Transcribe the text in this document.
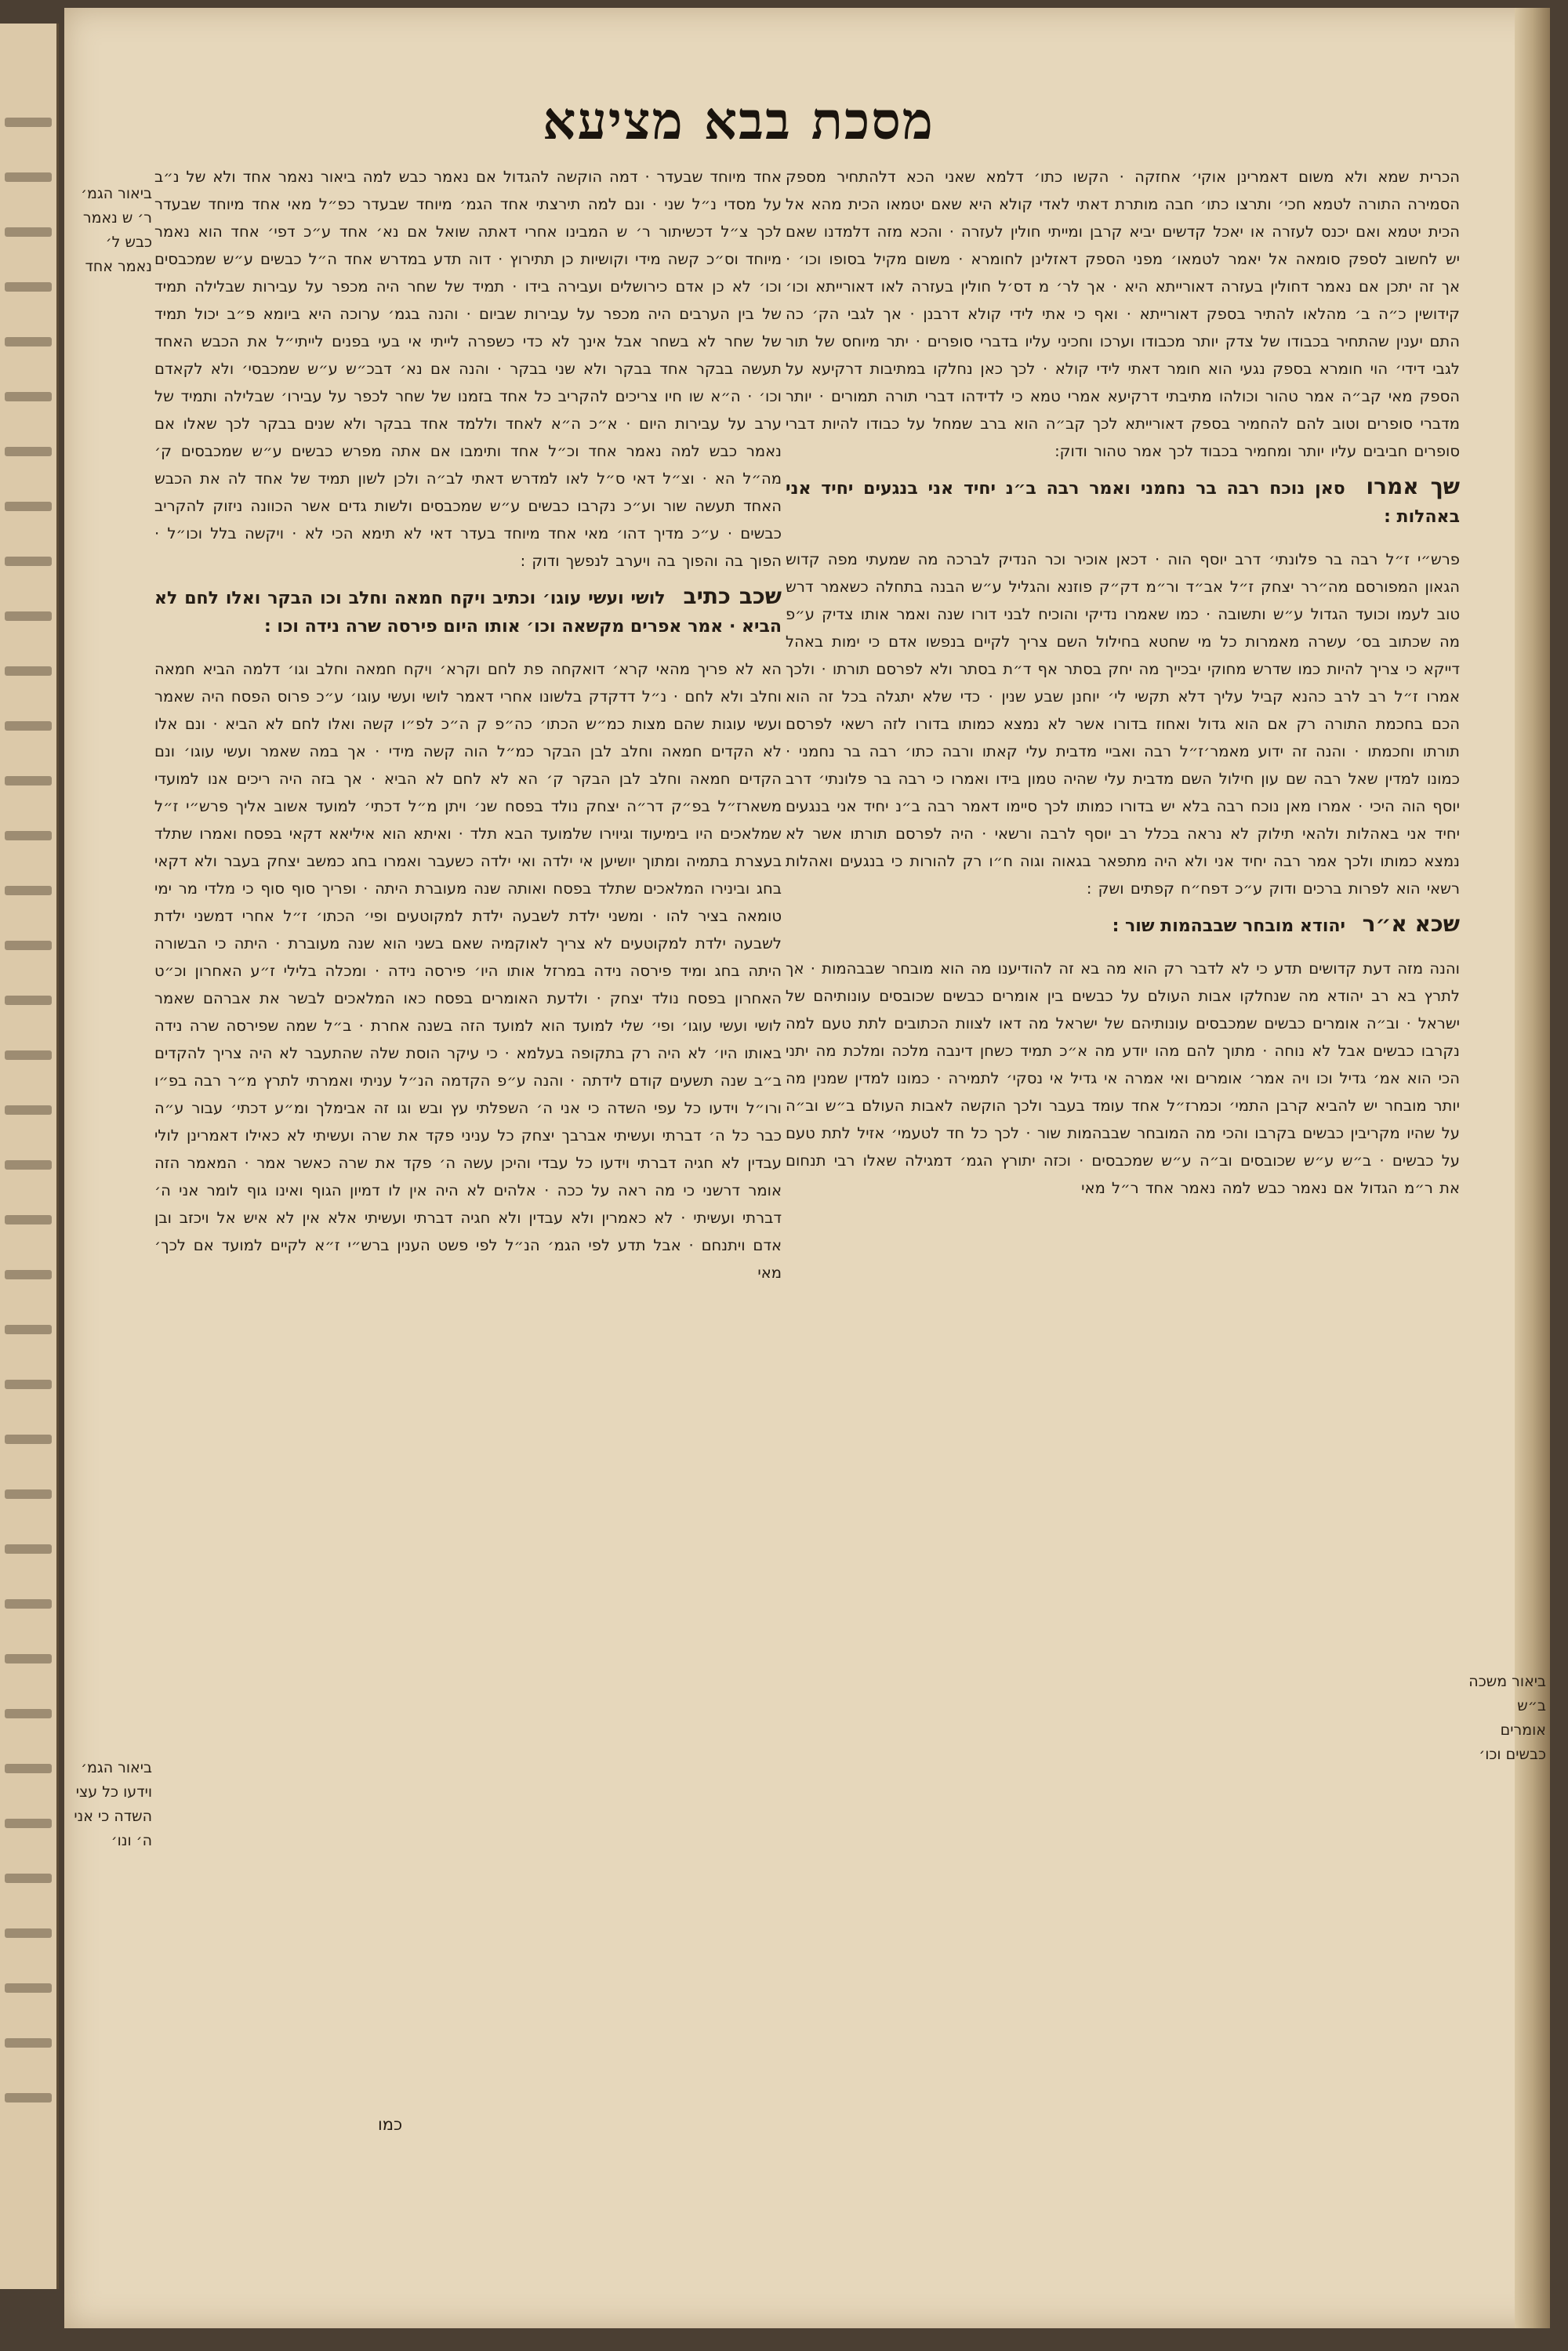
מסכת בבא מציעא

הכרית שמא ולא משום דאמרינן אוקי׳ אחזקה · הקשו כתו׳ דלמא שאני הכא דלהתחיר מספק הסמירה התורה לטמא חכי׳ ותרצו כתו׳ חבה מותרת דאתי לאדי קולא היא שאם יטמאו הכית מהא אל הכית יטמא ואם יכנס לעזרה או יאכל קדשים יביא קרבן ומייתי חולין לעזרה · והכא מזה דלמדנו שאם יש לחשוב לספק סומאה אל יאמר לטמאו׳ מפני הספק דאזלינן לחומרא · משום מקיל בסופו וכו׳ · אך זה יתכן אם נאמר דחולין בעזרה דאורייתא היא · אך לר׳ מ דס׳ל חולין בעזרה לאו דאורייתא וכו׳ קידושין כ״ה ב׳ מהלאו להתיר בספק דאורייתא · ואף כי אתי לידי קולא דרבנן · אך לגבי הק׳ כה התם יענין שהתחיר בכבודו של צדק יותר מכבודו וערכו וחכיני עליו בדברי סופרים · יתר מיוחס של תור לגבי דידי׳ הוי חומרא בספק נגעי הוא חומר דאתי לידי קולא · לכך כאן נחלקו במתיבות דרקיעא על הספק מאי קב״ה אמר טהור וכולהו מתיבתי דרקיעא אמרי טמא כי לדידהו דברי תורה תמורים · יותר מדברי סופרים וטוב להם להחמיר בספק דאורייתא לכך קב״ה הוא ברב שמחל על כבודו להיות דברי סופרים חביבים עליו יותר ומחמיר בכבוד לכך אמר טהור ודוק:

שך אמרו סאן נוכח רבה בר נחמני ואמר רבה ב״נ יחיד אני בנגעים יחיד אני באהלות :

פרש״י ז״ל רבה בר פלונתי׳ דרב יוסף הוה · דכאן אוכיר וכר הנדיק לברכה מה שמעתי מפה קדוש הגאון המפורסם מה״רר יצחק ז״ל אב״ד ור״מ דק״ק פוזנא והגליל ע״ש הבנה בתחלה כשאמר דרש טוב לעמו וכועד הגדול ע״ש ותשובה · כמו שאמרו נדיקי והוכיח לבני דורו שנה ואמר אותו צדיק ע״פ מה שכתוב בס׳ עשרה מאמרות כל מי שחטא בחילול השם צריך לקיים בנפשו אדם כי ימות באהל דייקא כי צריך להיות כמו שדרש מחוקי יבכייך מה יחק בסתר אף ד״ת בסתר ולא לפרסם תורתו · ולכך אמרו ז״ל רב לרב כהנא קביל עליך דלא תקשי לי׳ יוחנן שבע שנין · כדי שלא יתגלה בכל זה הוא הכם בחכמת התורה רק אם הוא גדול ואחוז בדורו אשר לא נמצא כמותו בדורו לזה רשאי לפרסם תורתו וחכמתו · והנה זה ידוע מאמר׳ז״ל רבה ואביי מדבית עלי קאתו ורבה כתו׳ רבה בר נחמני · כמונו למדין שאל רבה שם עון חילול השם מדבית עלי שהיה טמון בידו ואמרו כי רבה בר פלונתי׳ דרב יוסף הוה היכי · אמרו מאן נוכח רבה בלא יש בדורו כמותו לכך סיימו דאמר רבה ב״נ יחיד אני בנגעים יחיד אני באהלות ולהאי תילוק לא נראה בכלל רב יוסף לרבה ורשאי · היה לפרסם תורתו אשר לא נמצא כמותו ולכך אמר רבה יחיד אני ולא היה מתפאר בגאוה וגוה ח״ו רק להורות כי בנגעים ואהלות רשאי הוא לפרות ברכים ודוק ע״כ דפח״ח קפתים ושק :

שכא א״ר יהודא מובחר שבבהמות שור :

והנה מזה דעת קדושים תדע כי לא לדבר רק הוא מה בא זה להודיענו מה הוא מובחר שבבהמות · אך לתרץ בא רב יהודא מה שנחלקו אבות העולם על כבשים בין אומרים כבשים שכובסים עונותיהם של ישראל · וב״ה אומרים כבשים שמכבסים עונותיהם של ישראל מה דאו לצוות הכתובים לתת טעם למה נקרבו כבשים אבל לא נוחה · מתוך להם מהו יודע מה א״כ תמיד כשחן דינבה מלכה ומלכת מה יתני הכי הוא אמ׳ גדיל וכו ויה אמר׳ אומרים ואי אמרה אי גדיל אי נסקי׳ לתמירה · כמונו למדין שמנין מה יותר מובחר יש להביא קרבן התמי׳ וכמרז״ל אחד עומד בעבר ולכך הוקשה לאבות העולם ב״ש וב״ה על שהיו מקריבין כבשים בקרבו והכי מה המובחר שבבהמות שור · לכך כל חד לטעמי׳ אזיל לתת טעם על כבשים · ב״ש ע״ש שכובסים וב״ה ע״ש שמכבסים · וכזה יתורץ הגמ׳ דמגילה שאלו רבי תנחום את ר״מ הגדול אם נאמר כבש למה נאמר אחד ר״ל מאי

אחד מיוחד שבעדר · דמה הוקשה להגדול אם נאמר כבש למה ביאור נאמר אחד ולא של נ״ב על מסדי נ״ל שני · ונם למה תירצתי אחד הגמ׳ מיוחד שבעדר כפ״ל מאי אחד מיוחד שבעדר לכך צ״ל דכשיתור ר׳ ש המבינו אחרי דאתה שואל אם נא׳ אחד ע״כ דפי׳ אחד הוא נאמר מיוחד וס״כ קשה מידי וקושיות כן תתירוץ · דוה תדע במדרש אחד ה״ל כבשים ע״ש שמכבסים וכו׳ לא כן אדם כירושלים ועבירה בידו · תמיד של שחר היה מכפר על עבירות שבלילה תמיד של בין הערבים היה מכפר על עבירות שביום · והנה בגמ׳ ערוכה היא ביומא פ״ב יכול תמיד של שחר לא בשחר אבל אינך לא כדי כשפרה לייתי אי בעי בפנים לייתי״ל את הכבש האחד תעשה בבקר אחד בבקר ולא שני בבקר · והנה אם נא׳ דבכ״ש ע״ש שמכבסי׳ ולא לקאדם וכו׳ · ה״א שו חיו צריכים להקריב כל אחד בזמנו של שחר לכפר על עבירו׳ שבלילה ותמיד של ערב על עבירות היום · א״כ ה״א לאחד וללמד אחד בבקר ולא שנים בבקר לכך שאלו אם נאמר כבש למה נאמר אחד וכ״ל אחד ותימבו אם אתה מפרש כבשים ע״ש שמכבסים ק׳ מה״ל הא · וצ״ל דאי ס״ל לאו למדרש דאתי לב״ה ולכן לשון תמיד של אחד לה את הכבש האחד תעשה שור וע״כ נקרבו כבשים ע״ש שמכבסים ולשות גדים אשר הכוונה ניזוק להקריב כבשים · ע״כ מדיך דהו׳ מאי אחד מיוחד בעדר דאי לא תימא הכי לא · ויקשה בלל וכו״ל · הפוך בה והפוך בה ויערב לנפשך ודוק :

שכב כתיב לושי ועשי עוגו׳ וכתיב ויקח חמאה וחלב וכו הבקר ואלו לחם לא הביא · אמר אפרים מקשאה וכו׳ אותו היום פירסה שרה נידה וכו :

הא לא פריך מהאי קרא׳ דואקחה פת לחם וקרא׳ ויקח חמאה וחלב וגו׳ דלמה הביא חמאה וחלב ולא לחם · נ״ל דדקדק בלשונו אחרי דאמר לושי ועשי עוגו׳ ע״כ פרוס הפסח היה שאמר ועשי עוגות שהם מצות כמ״ש הכתו׳ כה״פ ק ה״כ לפ״ו קשה ואלו לחם לא הביא · ונם אלו לא הקדים חמאה וחלב לבן הבקר כמ״ל הוה קשה מידי · אך במה שאמר ועשי עוגו׳ ונם הקדים חמאה וחלב לבן הבקר ק׳ הא לא לחם לא הביא · אך בזה היה ריכים אנו למועדי משארז״ל בפ״ק דר״ה יצחק נולד בפסח שנ׳ ויתן מ״ל דכתי׳ למועד אשוב אליך פרש״י ז״ל שמלאכים היו בימיעוד וגיוירו שלמועד הבא תלד · ואיתא הוא איליאא דקאי בפסח ואמרו שתלד בעצרת בתמיה ומתוך יושיען אי ילדה ואי ילדה כשעבר ואמרו בחג כמשב יצחק בעבר ולא דקאי בחג ובינירו המלאכים שתלד בפסח ואותה שנה מעוברת היתה · ופריך סוף סוף כי מלדי מר ימי טומאה בציר להו · ומשני ילדת לשבעה ילדת למקוטעים ופי׳ הכתו׳ ז״ל אחרי דמשני ילדת לשבעה ילדת למקוטעים לא צריך לאוקמיה שאם בשני הוא שנה מעוברת · היתה כי הבשורה היתה בחג ומיד פירסה נידה במרזל אותו היו׳ פירסה נידה · ומכלה בלילי ז״ע האחרון וכ״ט האחרון בפסח נולד יצחק · ולדעת האומרים בפסח כאו המלאכים לבשר את אברהם שאמר לושי ועשי עוגו׳ ופי׳ שלי למועד הוא למועד הזה בשנה אחרת · ב״ל שמה שפירסה שרה נידה באותו היו׳ לא היה רק בתקופה בעלמא · כי עיקר הוסת שלה שהתעבר לא היה צריך להקדים ב״ב שנה תשעים קודם לידתה · והנה ע״פ הקדמה הנ״ל עניתי ואמרתי לתרץ מ״ר רבה בפ״ו ורו״ל וידעו כל עפי השדה כי אני ה׳ השפלתי עץ ובש וגו זה אבימלך ומ״ע דכתי׳ עבור ע״ה כבר כל ה׳ דברתי ועשיתי אברבך יצחק כל עניני פקד את שרה ועשיתי לא כאילו דאמרינן לולי עבדין לא חגיה דברתי וידעו כל עבדי והיכן עשה ה׳ פקד את שרה כאשר אמר · המאמר הזה אומר דרשני כי מה ראה על ככה · אלהים לא היה אין לו דמיון הגוף ואינו גוף לומר אני ה׳ דברתי ועשיתי · לא כאמרין ולא עבדין ולא חגיה דברתי ועשיתי אלא אין לא איש אל ויכזב ובן אדם ויתנחם · אבל תדע לפי הגמ׳ הנ״ל לפי פשט הענין ברש״י ז״א לקיים למועד אם לכך׳ מאי

ביאור משכה ב״ש אומרים כבשים וכו׳
ביאור הגמ׳ ר׳ ש נאמר כבש ל׳ נאמר אחד
ביאור הגמ׳ וידעו כל עצי השדה כי אני ה׳ ונו׳
כמו
